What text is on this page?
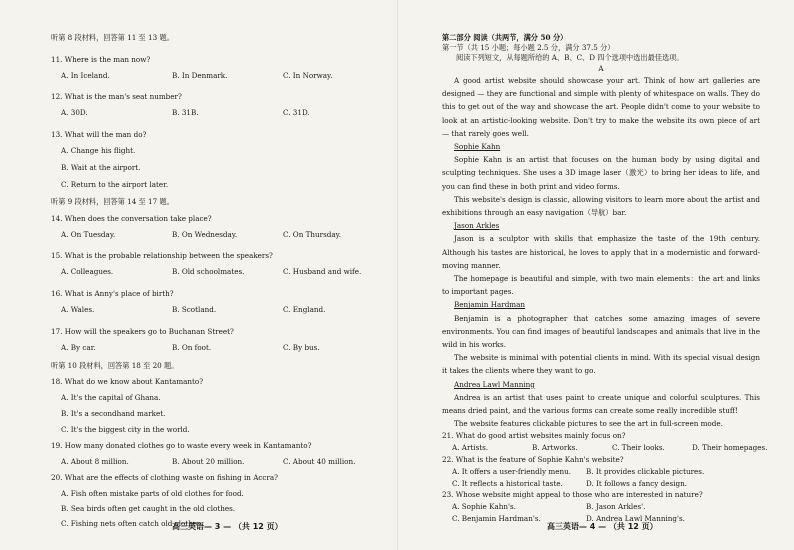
听第 8 段材料，回答第 11 至 13 题。
11. Where is the man now?
A. In Iceland.	B. In Denmark.	C. In Norway.
12. What is the man's seat number?
A. 30D.	B. 31B.	C. 31D.
13. What will the man do?
A. Change his flight.
B. Wait at the airport.
C. Return to the airport later.
听第 9 段材料，回答第 14 至 17 题。
14. When does the conversation take place?
A. On Tuesday.	B. On Wednesday.	C. On Thursday.
15. What is the probable relationship between the speakers?
A. Colleagues.	B. Old schoolmates.	C. Husband and wife.
16. What is Anny's place of birth?
A. Wales.	B. Scotland.	C. England.
17. How will the speakers go to Buchanan Street?
A. By car.	B. On foot.	C. By bus.
听第 10 段材料，回答第 18 至 20 题。
18. What do we know about Kantamanto?
A. It's the capital of Ghana.
B. It's a secondhand market.
C. It's the biggest city in the world.
19. How many donated clothes go to waste every week in Kantamanto?
A. About 8 million.	B. About 20 million.	C. About 40 million.
20. What are the effects of clothing waste on fishing in Accra?
A. Fish often mistake parts of old clothes for food.
B. Sea birds often get caught in the old clothes.
C. Fishing nets often catch old clothes.
高三英语— 3 — （共 12 页）
第二部分 阅读（共两节，满分 50 分）
第一节（共 15 小题；每小题 2.5 分，满分 37.5 分）
阅读下列短文，从每题所给的 A、B、C、D 四个选项中选出最佳选项。
A
A good artist website should showcase your art. Think of how art galleries are designed — they are functional and simple with plenty of whitespace on walls. They do this to get out of the way and showcase the art. People didn't come to your website to look at an artistic-looking website. Don't try to make the website its own piece of art — that rarely goes well.
Sophie Kahn
Sophie Kahn is an artist that focuses on the human body by using digital and sculpting techniques. She uses a 3D image laser（激光）to bring her ideas to life, and you can find these in both print and video forms.
This website's design is classic, allowing visitors to learn more about the artist and exhibitions through an easy navigation（导航）bar.
Jason Arkles
Jason is a sculptor with skills that emphasize the taste of the 19th century. Although his tastes are historical, he loves to apply that in a modernistic and forward-moving manner.
The homepage is beautiful and simple, with two main elements：the art and links to important pages.
Benjamin Hardman
Benjamin is a photographer that catches some amazing images of severe environments. You can find images of beautiful landscapes and animals that live in the wild in his works.
The website is minimal with potential clients in mind. With its special visual design it takes the clients where they want to go.
Andrea Lawl Manning
Andrea is an artist that uses paint to create unique and colorful sculptures. This means dried paint, and the various forms can create some really incredible stuff!
The website features clickable pictures to see the art in full-screen mode.
21. What do good artist websites mainly focus on?
A. Artists.	B. Artworks.	C. Their looks.	D. Their homepages.
22. What is the feature of Sophie Kahn's website?
A. It offers a user-friendly menu.	B. It provides clickable pictures.
C. It reflects a historical taste.	D. It follows a fancy design.
23. Whose website might appeal to those who are interested in nature?
A. Sophie Kahn's.	B. Jason Arkles'.
C. Benjamin Hardman's.	D. Andrea Lawl Manning's.
高三英语— 4 — （共 12 页）
